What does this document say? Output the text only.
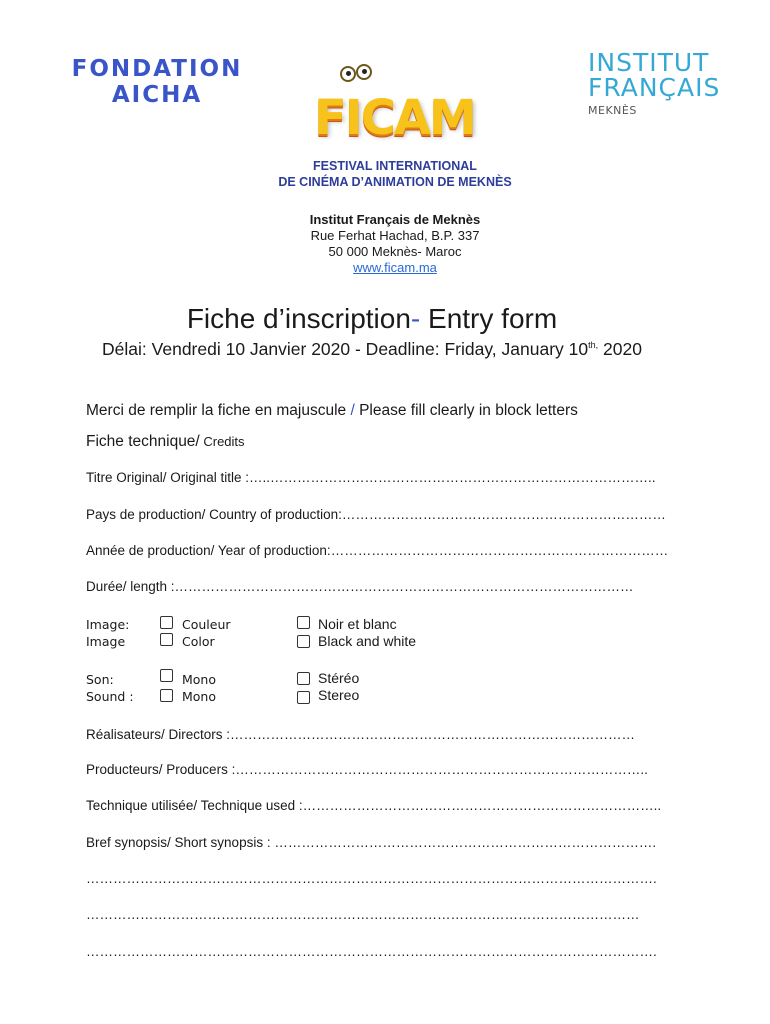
FONDATION
AICHA	FICAM
INSTITUT
FRANÇAIS
MEKNÈS
FESTIVAL INTERNATIONAL
DE CINÉMA D’ANIMATION DE MEKNÈS
Institut Français de Meknès
Rue Ferhat Hachad, B.P. 337
50 000 Meknès- Maroc
www.ficam.ma
Fiche d’inscription- Entry form
Délai: Vendredi 10 Janvier 2020 - Deadline: Friday, January $10^{th,}$ 2020
Merci de remplir la fiche en majuscule / Please fill clearly in block letters
Fiche technique/ Credits
Titre Original/ Original title :…..…………………………………………………………………………..
Pays de production/ Country of production:………………………………………………………………
Année de production/ Year of production:…………………………………………………………………
Durée/ length :…………………………………………………………………………………………
Image:
Image
Couleur
Color
Noir et blanc
Black and white
Son:
Sound :
Mono
Mono
Stéréo
Stereo
Réalisateurs/ Directors :………………………………………………………………………………
Producteurs/ Producers :………………………………………………………………………………..
Technique utilisée/ Technique used :……………………………………………………………………..
Bref synopsis/ Short synopsis : ………………………………………………………………………….
……………………………………………………………………………………………………………….
……………………………………………………………………………………………………………
……………………………………………………………………………………………………………….
